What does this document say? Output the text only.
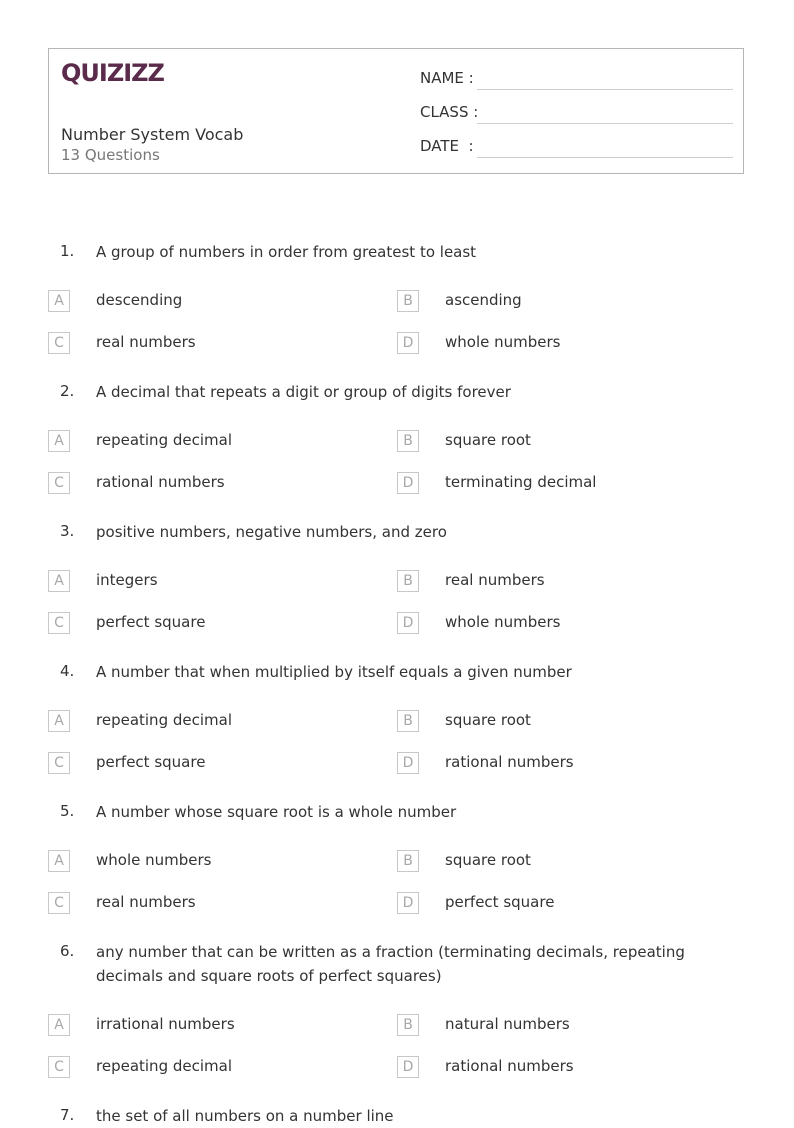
QUIZIZZ
Number System Vocab
13 Questions
NAME :
CLASS :
DATE  :
1. A group of numbers in order from greatest to least
A	descending	B	ascending
C	real numbers	D	whole numbers
2. A decimal that repeats a digit or group of digits forever
A	repeating decimal	B	square root
C	rational numbers	D	terminating decimal
3. positive numbers, negative numbers, and zero
A	integers	B	real numbers
C	perfect square	D	whole numbers
4. A number that when multiplied by itself equals a given number
A	repeating decimal	B	square root
C	perfect square	D	rational numbers
5. A number whose square root is a whole number
A	whole numbers	B	square root
C	real numbers	D	perfect square
6. any number that can be written as a fraction (terminating decimals, repeating decimals and square roots of perfect squares)
A	irrational numbers	B	natural numbers
C	repeating decimal	D	rational numbers
7. the set of all numbers on a number line
